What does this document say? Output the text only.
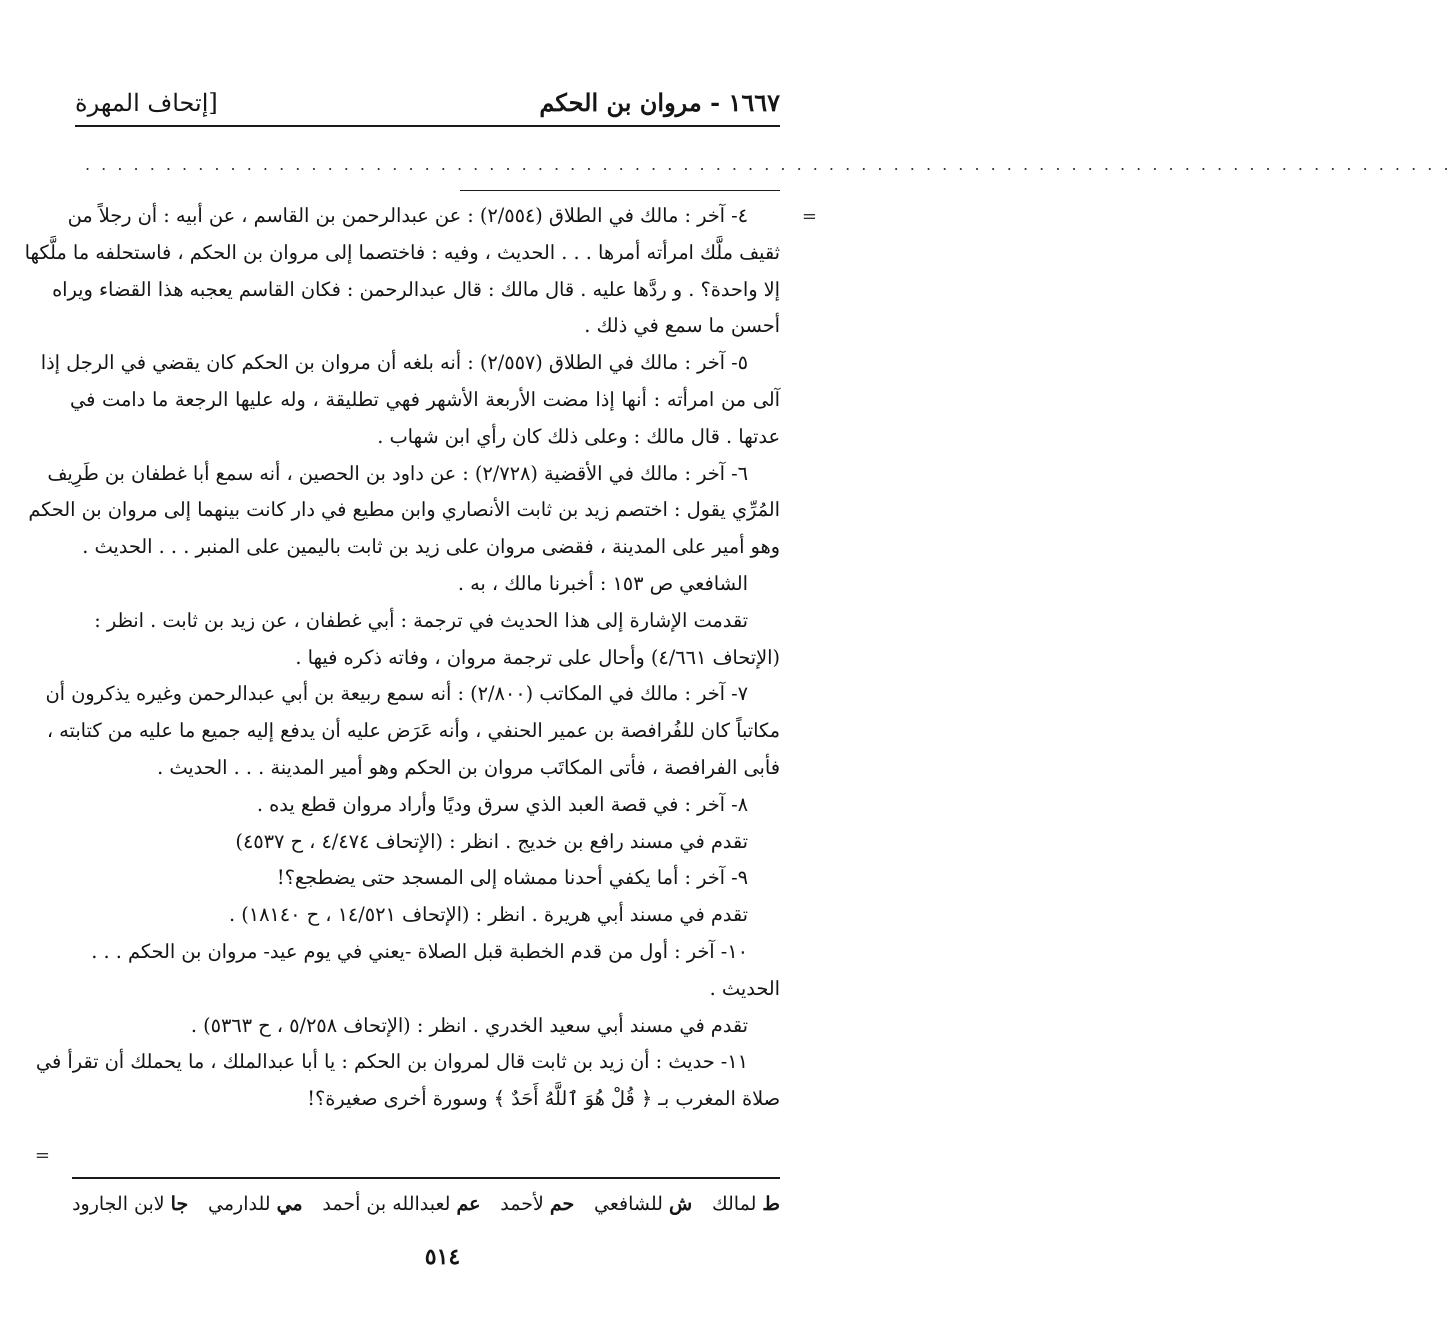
١٦٦٧ - مروان بن الحكم
[إتحاف المهرة
. . . . . . . . . . . . . . . . . . . . . . . . . . . . . . . . . . . . . . . . . . . . . . . . . . . . . . . . . . . . . . . . . . . . . . . . . . . . . . . . . . . . .
=
=
٤- آخر : مالك في الطلاق (٢/٥٥٤) : عن عبدالرحمن بن القاسم ، عن أبيه : أن رجلاً من
ثقيف ملَّك امرأته أمرها . . . الحديث ، وفيه : فاختصما إلى مروان بن الحكم ، فاستحلفه ما ملَّكها
إلا واحدة؟ . و ردَّها عليه . قال مالك : قال عبدالرحمن : فكان القاسم يعجبه هذا القضاء ويراه
أحسن ما سمع في ذلك .
٥- آخر : مالك في الطلاق (٢/٥٥٧) : أنه بلغه أن مروان بن الحكم كان يقضي في الرجل إذا
آلى من امرأته : أنها إذا مضت الأربعة الأشهر فهي تطليقة ، وله عليها الرجعة ما دامت في
عدتها . قال مالك : وعلى ذلك كان رأي ابن شهاب .
٦- آخر : مالك في الأقضية (٢/٧٢٨) : عن داود بن الحصين ، أنه سمع أبا غطفان بن طَرِيف
المُرِّي يقول : اختصم زيد بن ثابت الأنصاري وابن مطيع في دار كانت بينهما إلى مروان بن الحكم
وهو أمير على المدينة ، فقضى مروان على زيد بن ثابت باليمين على المنبر . . . الحديث .
الشافعي ص ١٥٣ : أخبرنا مالك ، به .
تقدمت الإشارة إلى هذا الحديث في ترجمة : أبي غطفان ، عن زيد بن ثابت . انظر :
(الإتحاف ٤/٦٦١) وأحال على ترجمة مروان ، وفاته ذكره فيها .
٧- آخر : مالك في المكاتب (٢/٨٠٠) : أنه سمع ربيعة بن أبي عبدالرحمن وغيره يذكرون أن
مكاتباً كان للفُرافصة بن عمير الحنفي ، وأنه عَرَض عليه أن يدفع إليه جميع ما عليه من كتابته ،
فأبى الفرافصة ، فأتى المكاتَب مروان بن الحكم وهو أمير المدينة . . . الحديث .
٨- آخر : في قصة العبد الذي سرق وديًا وأراد مروان قطع يده .
تقدم في مسند رافع بن خديج . انظر : (الإتحاف ٤/٤٧٤ ، ح ٤٥٣٧)
٩- آخر : أما يكفي أحدنا ممشاه إلى المسجد حتى يضطجع؟!
تقدم في مسند أبي هريرة . انظر : (الإتحاف ١٤/٥٢١ ، ح ١٨١٤٠) .
١٠- آخر : أول من قدم الخطبة قبل الصلاة -يعني في يوم عيد- مروان بن الحكم . . .
الحديث .
تقدم في مسند أبي سعيد الخدري . انظر : (الإتحاف ٥/٢٥٨ ، ح ٥٣٦٣) .
١١- حديث : أن زيد بن ثابت قال لمروان بن الحكم : يا أبا عبدالملك ، ما يحملك أن تقرأ في
صلاة المغرب بـ ﴿ قُلْ هُوَ ٱللَّهُ أَحَدٌ ﴾ وسورة أخرى صغيرة؟!
ط لمالك
ش للشافعي
حم لأحمد
عم لعبدالله بن أحمد
مي للدارمي
جا لابن الجارود
٥١٤
